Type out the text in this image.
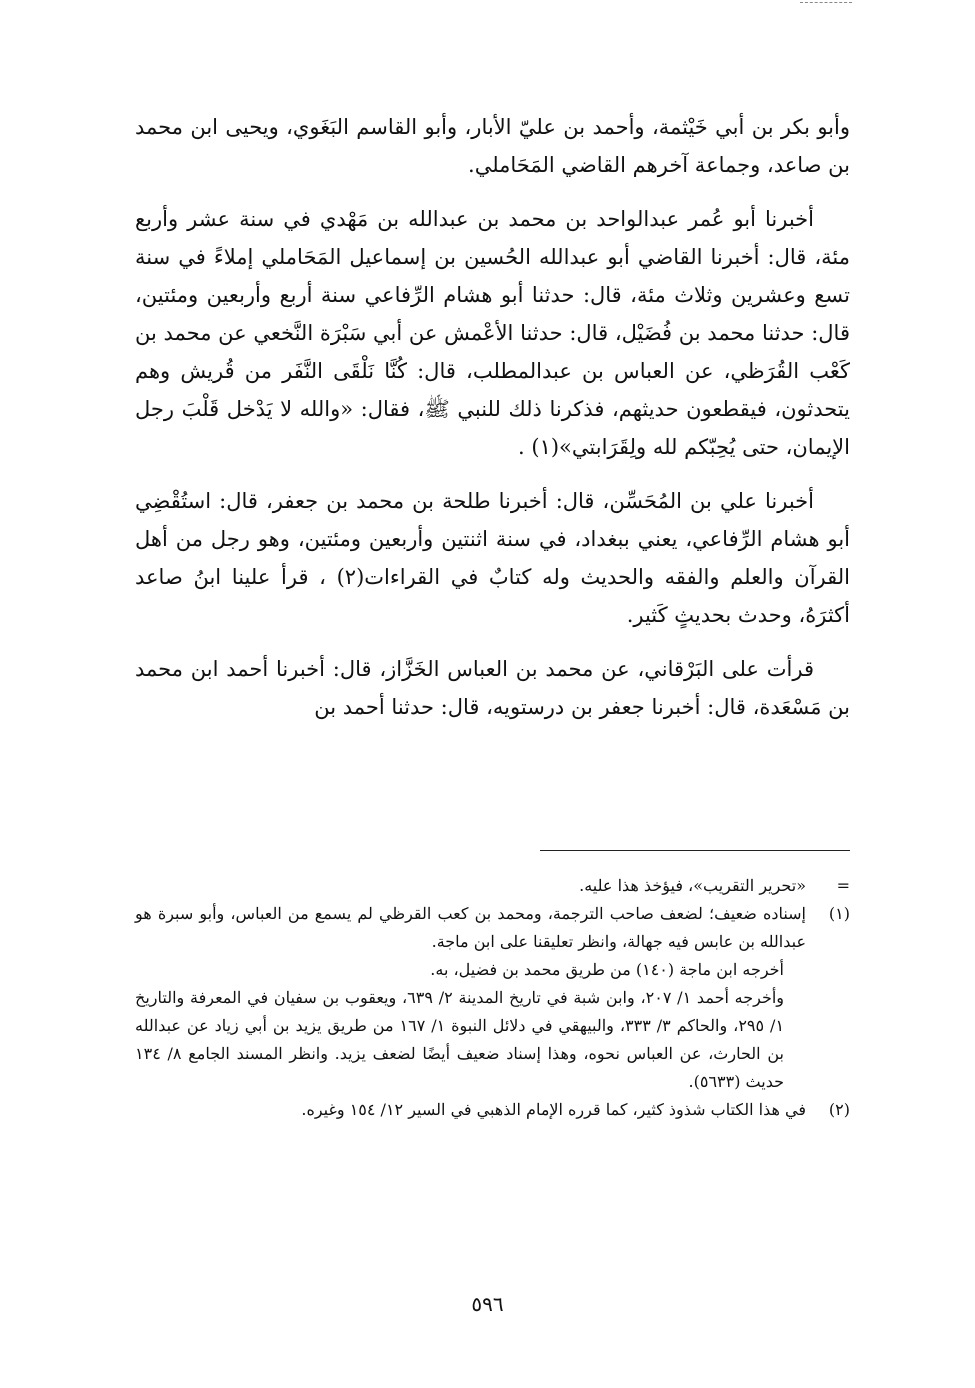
وأبو بكر بن أبي خَيْثمة، وأحمد بن عليّ الأبار، وأبو القاسم البَغَوي، ويحيى ابن محمد بن صاعد، وجماعة آخرهم القاضي المَحَاملي.

أخبرنا أبو عُمر عبدالواحد بن محمد بن عبدالله بن مَهْدي في سنة عشر وأربع مئة، قال: أخبرنا القاضي أبو عبدالله الحُسين بن إسماعيل المَحَاملي إملاءً في سنة تسع وعشرين وثلاث مئة، قال: حدثنا أبو هشام الرِّفاعي سنة أربع وأربعين ومئتين، قال: حدثنا محمد بن فُضَيْل، قال: حدثنا الأعْمش عن أبي سَبْرَة النَّخعي عن محمد بن كَعْب القُرَظي، عن العباس بن عبدالمطلب، قال: كُنَّا نَلْقَى النَّفَر من قُريش وهم يتحدثون، فيقطعون حديثهم، فذكرنا ذلك للنبي ﷺ، فقال: «والله لا يَدْخل قَلْبَ رجل الإيمان، حتى يُحِبّكم لله ولِقَرَابتي»(١) .

أخبرنا علي بن المُحَسِّن، قال: أخبرنا طلحة بن محمد بن جعفر، قال: استُقْضِي أبو هشام الرِّفاعي، يعني ببغداد، في سنة اثنتين وأربعين ومئتين، وهو رجل من أهل القرآن والعلم والفقه والحديث وله كتابٌ في القراءات(٢) ، قرأ علينا ابنُ صاعد أكثرَهُ، وحدث بحديثٍ كَثير.

قرأت على البَرْقاني، عن محمد بن العباس الخَزَّاز، قال: أخبرنا أحمد ابن محمد بن مَسْعَدة، قال: أخبرنا جعفر بن درستويه، قال: حدثنا أحمد بن

=
«تحرير التقريب»، فيؤخذ هذا عليه.
(١)

إسناده ضعيف؛ لضعف صاحب الترجمة، ومحمد بن كعب القرظي لم يسمع من العباس، وأبو سبرة هو عبدالله بن عابس فيه جهالة، وانظر تعليقنا على ابن ماجة.

أخرجه ابن ماجة (١٤٠) من طريق محمد بن فضيل، به.

وأخرجه أحمد ١/ ٢٠٧، وابن شبة في تاريخ المدينة ٢/ ٦٣٩، ويعقوب بن سفيان في المعرفة والتاريخ ١/ ٢٩٥، والحاكم ٣/ ٣٣٣، والبيهقي في دلائل النبوة ١/ ١٦٧ من طريق يزيد بن أبي زياد عن عبدالله بن الحارث، عن العباس نحوه، وهذا إسناد ضعيف أيضًا لضعف يزيد. وانظر المسند الجامع ٨/ ١٣٤ حديث (٥٦٣٣).

(٢)
في هذا الكتاب شذوذ كثير، كما قرره الإمام الذهبي في السير ١٢/ ١٥٤ وغيره.
٥٩٦
